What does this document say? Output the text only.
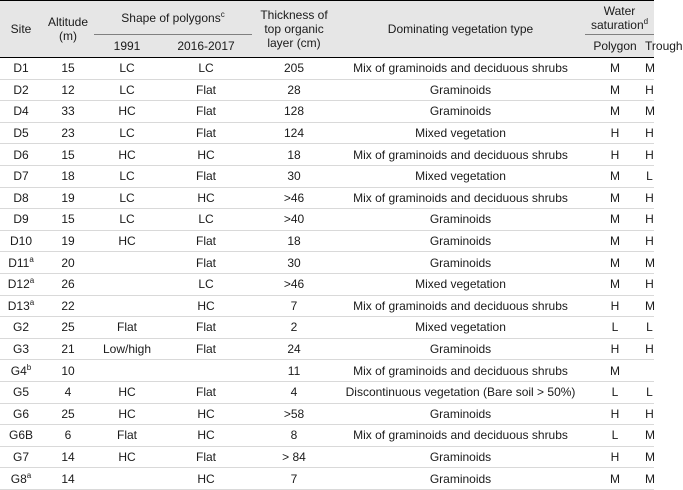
Site	Altitude
(m)	Shape of polygons$^c$		Thickness of
top organic
layer (cm)	Dominating vegetation type	Water
saturation$^d$
		1991	2016-2017			Polygon	Trough
D1	15	LC	LC	205	Mix of graminoids and deciduous shrubs	M	M
D2	12	LC	Flat	28	Graminoids	M	H
D4	33	HC	Flat	128	Graminoids	M	M
D5	23	LC	Flat	124	Mixed vegetation	H	H
D6	15	HC	HC	18	Mix of graminoids and deciduous shrubs	H	H
D7	18	LC	Flat	30	Mixed vegetation	M	L
D8	19	LC	HC	>46	Mix of graminoids and deciduous shrubs	M	H
D9	15	LC	LC	>40	Graminoids	M	H
D10	19	HC	Flat	18	Graminoids	M	H
D11$^a$	20		Flat	30	Graminoids	M	M
D12$^a$	26		LC	>46	Mixed vegetation	M	H
D13$^a$	22		HC	7	Mix of graminoids and deciduous shrubs	H	M
G2	25	Flat	Flat	2	Mixed vegetation	L	L
G3	21	Low/high	Flat	24	Graminoids	H	H
G4$^b$	10			11	Mix of graminoids and deciduous shrubs	M	
G5	4	HC	Flat	4	Discontinuous vegetation (Bare soil > 50%)	L	L
G6	25	HC	HC	>58	Graminoids	H	H
G6B	6	Flat	HC	8	Mix of graminoids and deciduous shrubs	L	M
G7	14	HC	Flat	> 84	Graminoids	H	M
G8$^a$	14		HC	7	Graminoids	M	M
